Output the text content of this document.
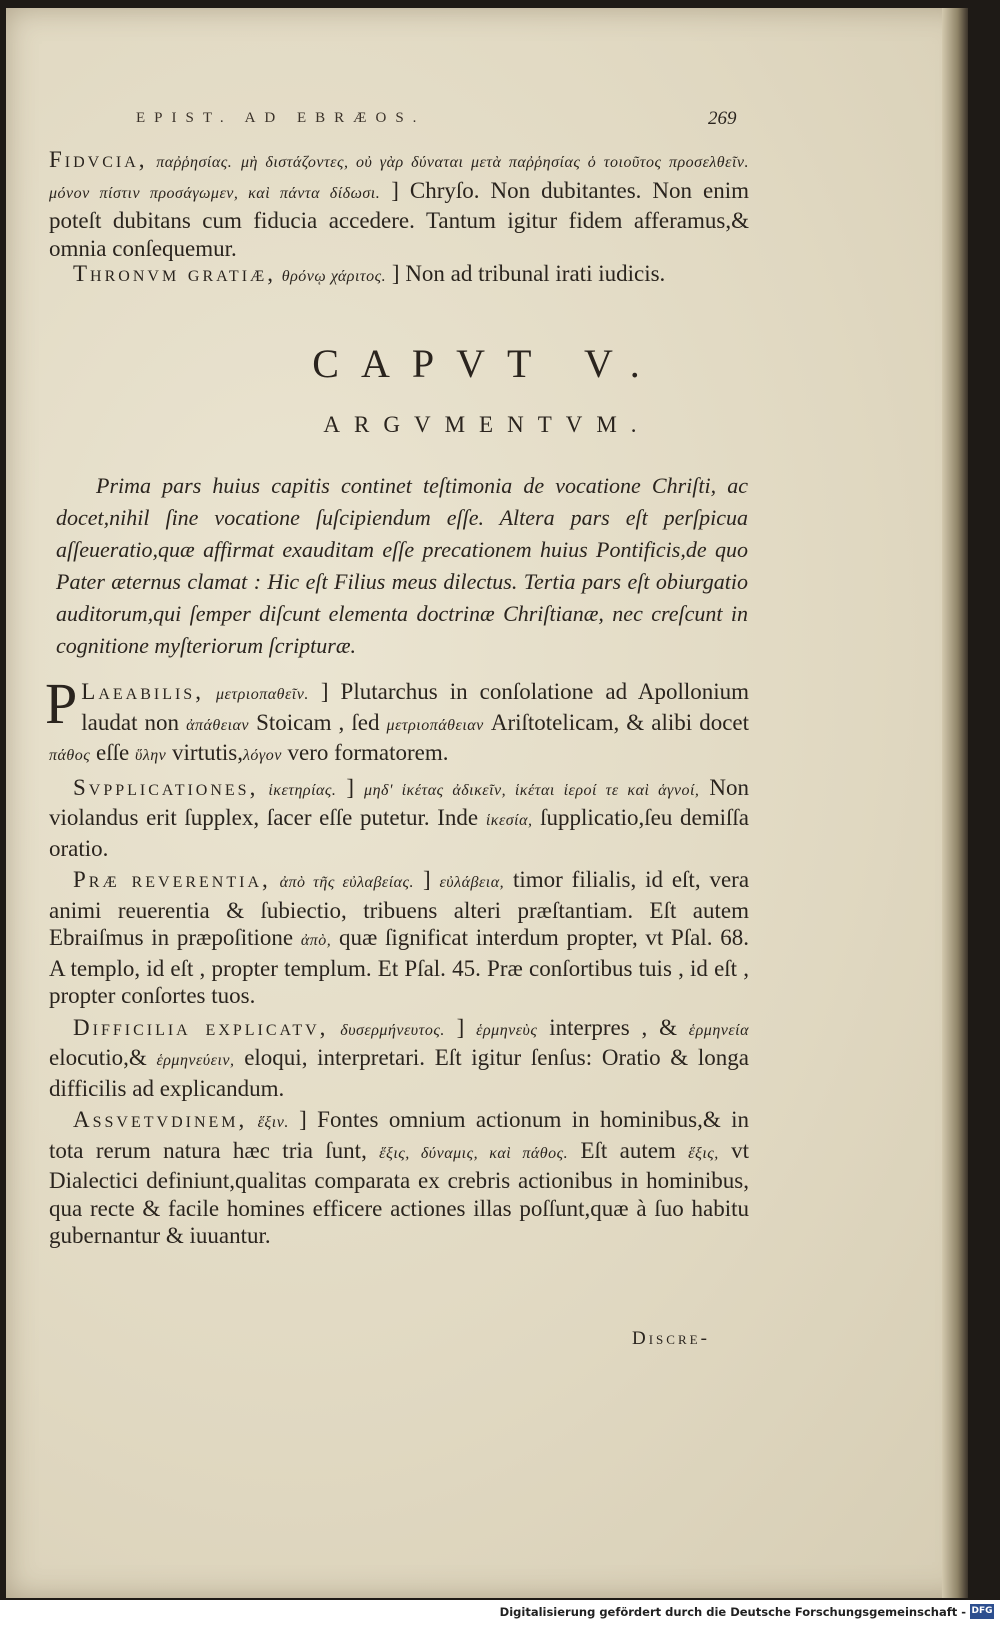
EPIST. AD EBRÆOS.	269

Fidvcia, παῤῥησίας. μὴ διστάζοντες, οὐ γὰρ δύναται μετὰ παῤῥησίας ὁ τοιοῦτος προσελθεῖν. μόνον πίστιν προσάγωμεν, καὶ πάντα δίδωσι. ] Chryſo. Non dubitantes. Non enim poteſt dubitans cum fiducia accedere. Tantum igitur fidem afferamus,& omnia conſequemur.

Thronvm gratiæ, θρόνῳ χάριτος. ] Non ad tribunal irati iudicis.

CAPVT V.
ARGVMENTVM.
Prima pars huius capitis continet teſtimonia de vocatione Chriſti, ac docet,nihil ſine vocatione ſuſcipiendum eſſe. Altera pars eſt perſpicua aſſeueratio,quæ affirmat exauditam eſſe precationem huius Pontificis,de quo Pater æternus clamat : Hic eſt Filius meus dilectus. Tertia pars eſt obiurgatio auditorum,qui ſemper diſcunt elementa doctrinæ Chriſtianæ, nec creſcunt in cognitione myſteriorum ſcripturæ.

P Laeabilis, μετριοπαθεῖν. ] Plutarchus in conſolatione ad Apollonium laudat non ἀπάθειαν Stoicam , ſed μετριοπάθειαν Ariſtotelicam, & alibi docet πάθος eſſe ὕλην virtutis,λόγον vero formatorem.

Svpplicationes, ἱκετηρίας. ] μηδ' ἱκέτας ἀδικεῖν, ἱκέται ἱεροί τε καὶ ἁγνοί, Non violandus erit ſupplex, ſacer eſſe putetur. Inde ἱκεσία, ſupplicatio,ſeu demiſſa oratio.

Præ reverentia, ἀπὸ τῆς εὐλαβείας. ] εὐλάβεια, timor filialis, id eſt, vera animi reuerentia & ſubiectio, tribuens alteri præſtantiam. Eſt autem Ebraiſmus in præpoſitione ἀπὸ, quæ ſignificat interdum propter, vt Pſal. 68. A templo, id eſt , propter templum. Et Pſal. 45. Præ conſortibus tuis , id eſt , propter conſortes tuos.

Difficilia explicatv, δυσερμήνευτος. ] ἑρμηνεὺς interpres , & ἑρμηνεία elocutio,& ἑρμηνεύειν, eloqui, interpretari. Eſt igitur ſenſus: Oratio & longa difficilis ad explicandum.

Assvetvdinem, ἕξιν. ] Fontes omnium actionum in hominibus,& in tota rerum natura hæc tria ſunt, ἕξις, δύναμις, καὶ πάθος. Eſt autem ἕξις, vt Dialectici definiunt,qualitas comparata ex crebris actionibus in hominibus, qua recte & facile homines efficere actiones illas poſſunt,quæ à ſuo habitu gubernantur & iuuantur.

Discre-
Digitalisierung gefördert durch die Deutsche Forschungsgemeinschaft - DFG
